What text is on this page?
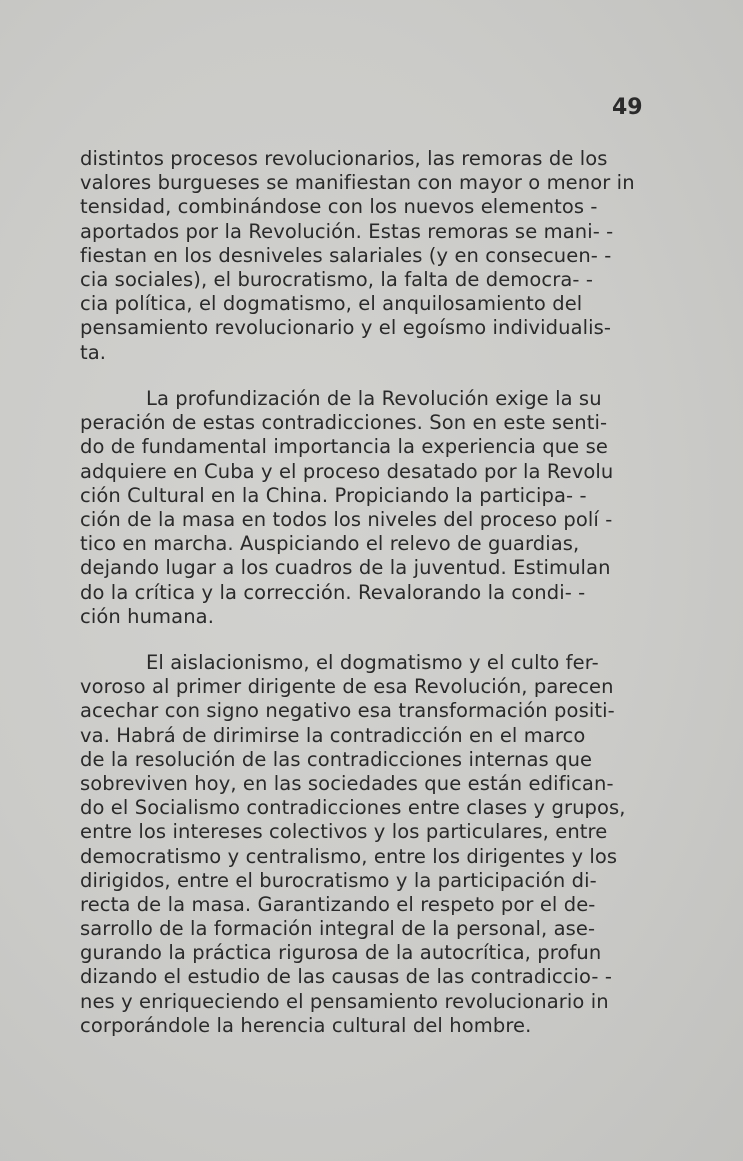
49
distintos procesos revolucionarios, las remoras de los
valores burgueses se manifiestan con mayor o menor in
tensidad, combinándose con los nuevos elementos -
aportados por la Revolución. Estas remoras se mani- -
fiestan en los desniveles salariales (y en consecuen- -
cia sociales), el burocratismo, la falta de democra- -
cia política, el dogmatismo, el anquilosamiento del
pensamiento revolucionario y el egoísmo individualis-
ta.
La profundización de la Revolución exige la su
peración de estas contradicciones. Son en este senti-
do de fundamental importancia la experiencia que se
adquiere en Cuba y el proceso desatado por la Revolu
ción Cultural en la China. Propiciando la participa- -
ción de la masa en todos los niveles del proceso polí -
tico en marcha. Auspiciando el relevo de guardias,
dejando lugar a los cuadros de la juventud. Estimulan
do la crítica y la corrección. Revalorando la condi- -
ción humana.
El aislacionismo, el dogmatismo y el culto fer-
voroso al primer dirigente de esa Revolución, parecen
acechar con signo negativo esa transformación positi-
va. Habrá de dirimirse la contradicción en el marco
de la resolución de las contradicciones internas que
sobreviven hoy, en las sociedades que están edifican-
do el Socialismo contradicciones entre clases y grupos,
entre los intereses colectivos y los particulares, entre
democratismo y centralismo, entre los dirigentes y los
dirigidos, entre el burocratismo y la participación di-
recta de la masa. Garantizando el respeto por el de-
sarrollo de la formación integral de la personal, ase-
gurando la práctica rigurosa de la autocrítica, profun
dizando el estudio de las causas de las contradiccio- -
nes y enriqueciendo el pensamiento revolucionario in
corporándole la herencia cultural del hombre.
